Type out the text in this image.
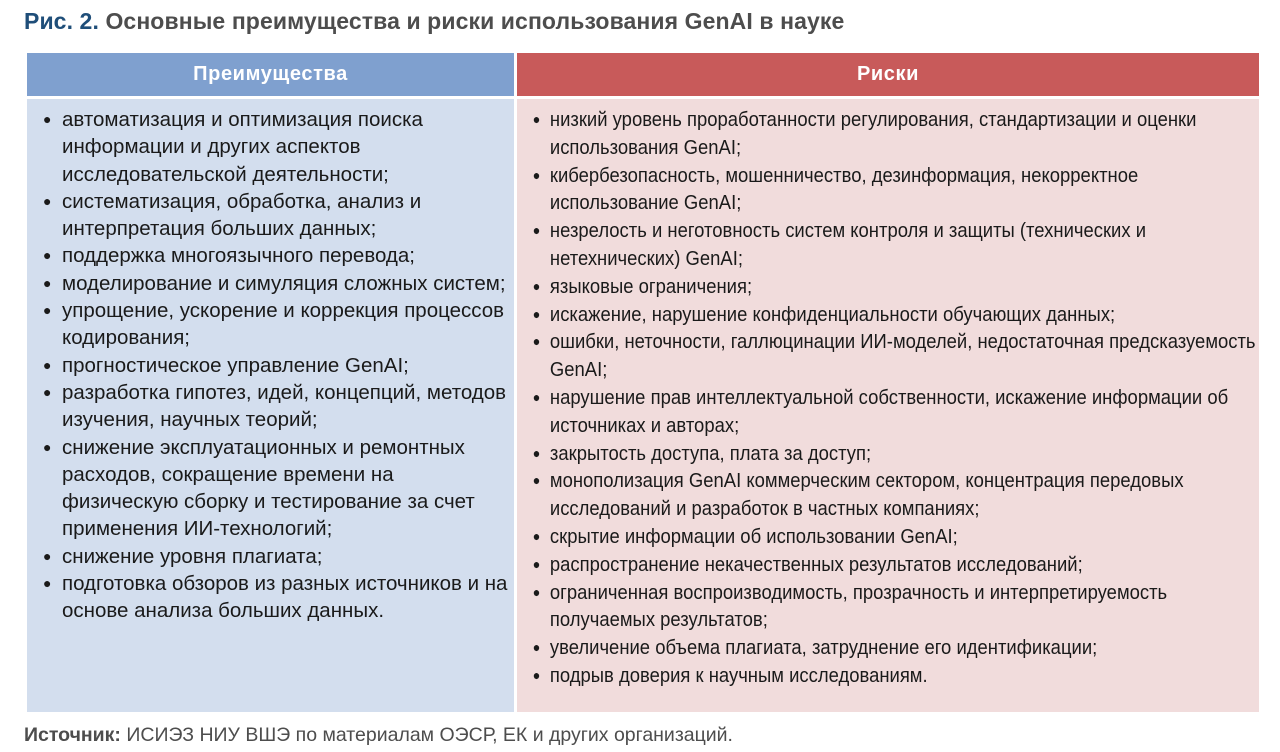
Рис. 2. Основные преимущества и риски использования GenAI в науке
Преимущества
● автоматизация и оптимизация поиска информации и других аспектов исследовательской деятельности;
● систематизация, обработка, анализ и интерпретация больших данных;
● поддержка многоязычного перевода;
● моделирование и симуляция сложных систем;
● упрощение, ускорение и коррекция процессов кодирования;
● прогностическое управление GenAI;
● разработка гипотез, идей, концепций, методов изучения, научных теорий;
● снижение эксплуатационных и ремонтных расходов, сокращение времени на физическую сборку и тестирование за счет применения ИИ-технологий;
● снижение уровня плагиата;
● подготовка обзоров из разных источников и на основе анализа больших данных.
Риски
● низкий уровень проработанности регулирования, стандартизации и оценки использования GenAI;
● кибербезопасность, мошенничество, дезинформация, некорректное использование GenAI;
● незрелость и неготовность систем контроля и защиты (технических и нетехнических) GenAI;
● языковые ограничения;
● искажение, нарушение конфиденциальности обучающих данных;
● ошибки, неточности, галлюцинации ИИ-моделей, недостаточная предсказуемость GenAI;
● нарушение прав интеллектуальной собственности, искажение информации об источниках и авторах;
● закрытость доступа, плата за доступ;
● монополизация GenAI коммерческим сектором, концентрация передовых исследований и разработок в частных компаниях;
● скрытие информации об использовании GenAI;
● распространение некачественных результатов исследований;
● ограниченная воспроизводимость, прозрачность и интерпретируемость получаемых результатов;
● увеличение объема плагиата, затруднение его идентификации;
● подрыв доверия к научным исследованиям.
Источник: ИСИЭЗ НИУ ВШЭ по материалам ОЭСР, ЕК и других организаций.
